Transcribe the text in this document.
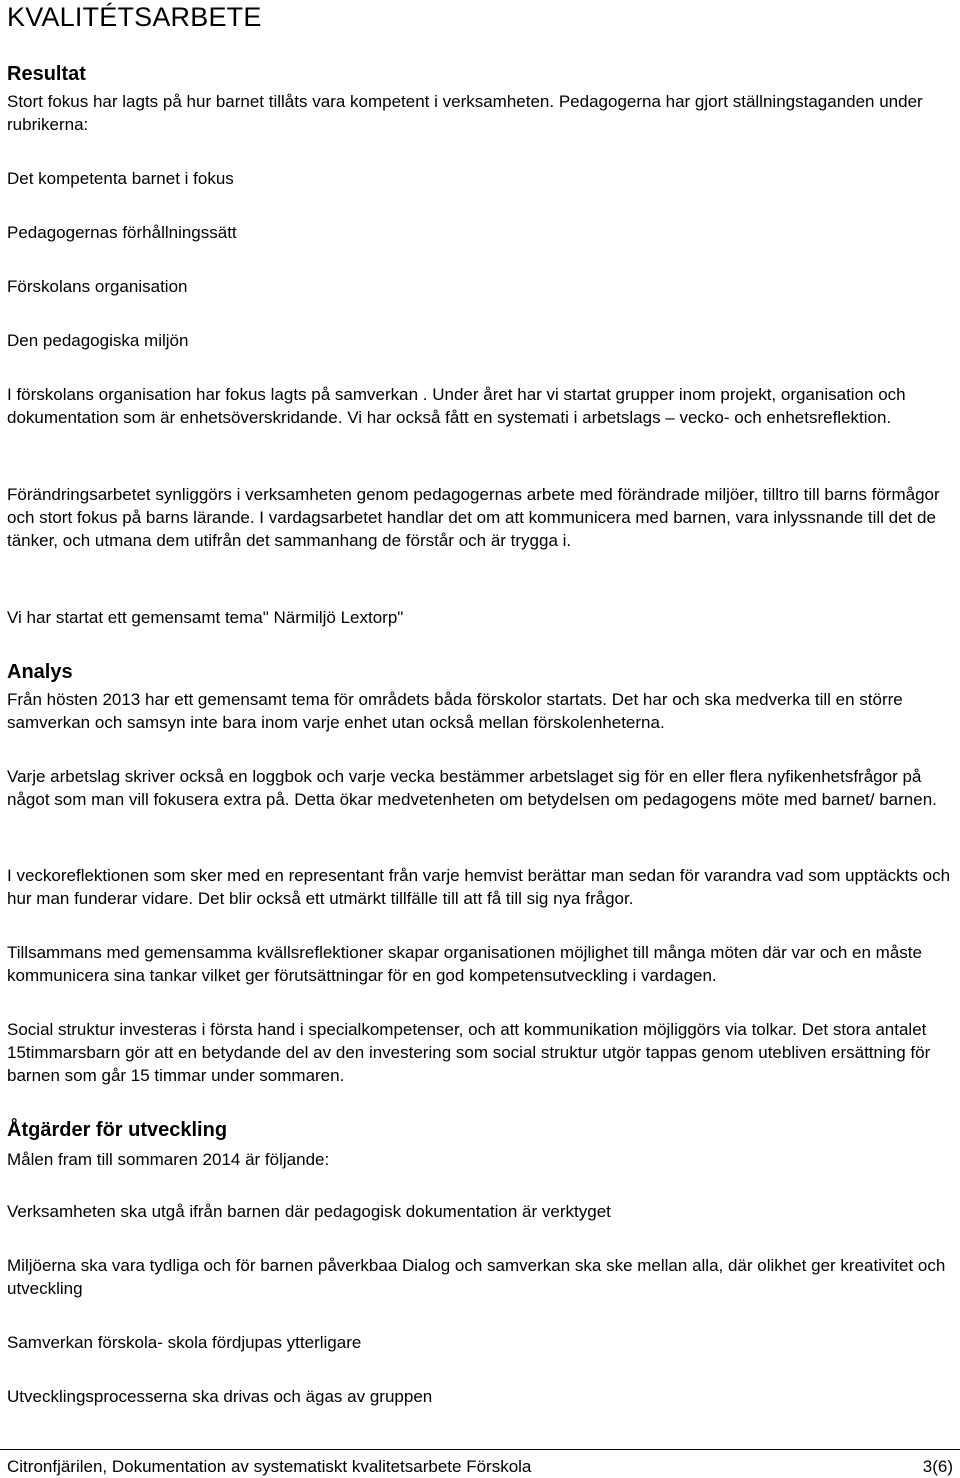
KVALITÉTSARBETE
Resultat

Stort fokus har lagts på hur barnet tillåts vara kompetent i verksamheten. Pedagogerna har gjort ställningstaganden under rubrikerna:

Det kompetenta barnet i fokus

Pedagogernas förhållningssätt

Förskolans organisation

Den pedagogiska miljön

I förskolans organisation har fokus lagts på samverkan . Under året har vi startat grupper inom projekt, organisation och dokumentation som är enhetsöverskridande. Vi har också fått en systemati i arbetslags – vecko- och enhetsreflektion.

Förändringsarbetet synliggörs i verksamheten genom pedagogernas arbete med förändrade miljöer, tilltro till barns förmågor och stort fokus på barns lärande. I vardagsarbetet handlar det om att kommunicera med barnen, vara inlyssnande till det de tänker, och utmana dem utifrån det sammanhang de förstår och är trygga i.

Vi har startat ett gemensamt tema" Närmiljö Lextorp"

Analys

Från hösten 2013 har ett gemensamt tema för områdets båda förskolor startats. Det har och ska medverka till en större samverkan och samsyn inte bara inom varje enhet utan också mellan förskolenheterna.

Varje arbetslag skriver också en loggbok och varje vecka bestämmer arbetslaget sig för en eller flera nyfikenhetsfrågor på något som man vill fokusera extra på. Detta ökar medvetenheten om betydelsen om pedagogens möte med barnet/ barnen.

I veckoreflektionen som sker med en representant från varje hemvist berättar man sedan för varandra vad som upptäckts och hur man funderar vidare. Det blir också ett utmärkt tillfälle till att få till sig nya frågor.

Tillsammans med gemensamma kvällsreflektioner skapar organisationen möjlighet till många möten där var och en måste kommunicera sina tankar vilket ger förutsättningar för en god kompetensutveckling i vardagen.

Social struktur investeras i första hand i specialkompetenser, och att kommunikation möjliggörs via tolkar. Det stora antalet 15timmarsbarn gör att en betydande del av den investering som social struktur utgör tappas genom utebliven ersättning för barnen som går 15 timmar under sommaren.

Åtgärder för utveckling

Målen fram till sommaren 2014 är följande:

Verksamheten ska utgå ifrån barnen där pedagogisk dokumentation är verktyget

Miljöerna ska vara tydliga och för barnen påverkbaa Dialog och samverkan ska ske mellan alla, där olikhet ger kreativitet och utveckling

Samverkan förskola- skola fördjupas ytterligare

Utvecklingsprocesserna ska drivas och ägas av gruppen

Citronfjärilen, Dokumentation av systematiskt kvalitetsarbete Förskola	3(6)
